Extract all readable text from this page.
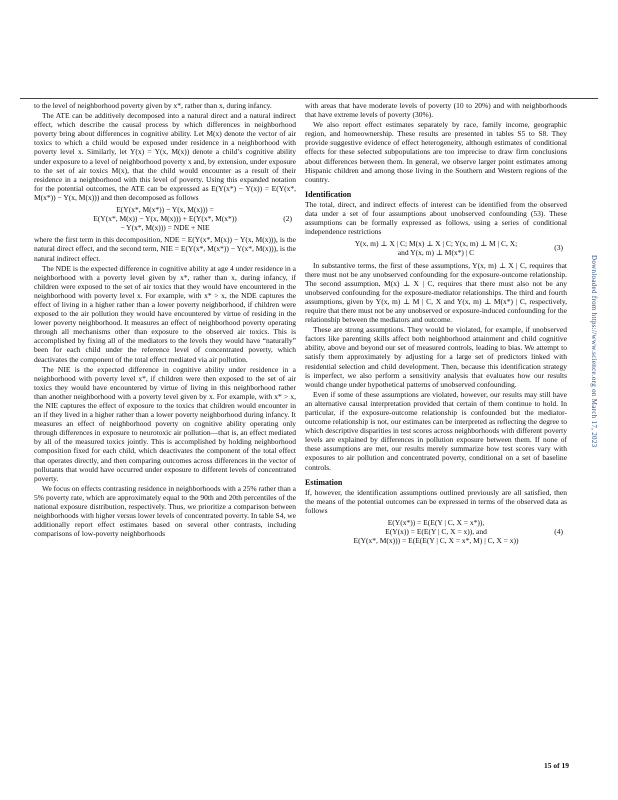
to the level of neighborhood poverty given by x*, rather than x, during infancy.

The ATE can be additively decomposed into a natural direct and a natural indirect effect, which describe the causal process by which differences in neighborhood poverty bring about differences in cognitive ability. Let M(x) denote the vector of air toxics to which a child would be exposed under residence in a neighborhood with poverty level x. Similarly, let Y(x) = Y(x, M(x)) denote a child’s cognitive ability under exposure to a level of neighborhood poverty x and, by extension, under exposure to the set of air toxics M(x), that the child would encounter as a result of their residence in a neighborhood with this level of poverty. Using this expanded notation for the potential outcomes, the ATE can be expressed as E(Y(x*) − Y(x)) = E(Y(x*, M(x*)) − Y(x, M(x))) and then decomposed as follows

E(Y(x*, M(x*)) − Y(x, M(x))) =
E(Y(x*, M(x)) − Y(x, M(x))) + E(Y(x*, M(x*))
− Y(x*, M(x))) = NDE + NIE
(2)

where the first term in this decomposition, NDE = E(Y(x*, M(x)) − Y(x, M(x))), is the natural direct effect, and the second term, NIE = E(Y(x*, M(x*)) − Y(x*, M(x))), is the natural indirect effect.

The NDE is the expected difference in cognitive ability at age 4 under residence in a neighborhood with a poverty level given by x*, rather than x, during infancy, if children were exposed to the set of air toxics that they would have encountered in the neighborhood with poverty level x. For example, with x* > x, the NDE captures the effect of living in a higher rather than a lower poverty neighborhood, if children were exposed to the air pollution they would have encountered by virtue of residing in the lower poverty neighborhood. It measures an effect of neighborhood poverty operating through all mechanisms other than exposure to the observed air toxics. This is accomplished by fixing all of the mediators to the levels they would have “naturally” been for each child under the reference level of concentrated poverty, which deactivates the component of the total effect mediated via air pollution.

The NIE is the expected difference in cognitive ability under residence in a neighborhood with poverty level x*, if children were then exposed to the set of air toxics they would have encountered by virtue of living in this neighborhood rather than another neighborhood with a poverty level given by x. For example, with x* > x, the NIE captures the effect of exposure to the toxics that children would encounter in an if they lived in a higher rather than a lower poverty neighborhood during infancy. It measures an effect of neighborhood poverty on cognitive ability operating only through differences in exposure to neurotoxic air pollution—that is, an effect mediated by all of the measured toxics jointly. This is accomplished by holding neighborhood composition fixed for each child, which deactivates the component of the total effect that operates directly, and then comparing outcomes across differences in the vector of pollutants that would have occurred under exposure to different levels of concentrated poverty.

We focus on effects contrasting residence in neighborhoods with a 25% rather than a 5% poverty rate, which are approximately equal to the 90th and 20th percentiles of the national exposure distribution, respectively. Thus, we prioritize a comparison between neighborhoods with higher versus lower levels of concentrated poverty. In table S4, we additionally report effect estimates based on several other contrasts, including comparisons of low-poverty neighborhoods

with areas that have moderate levels of poverty (10 to 20%) and with neighborhoods that have extreme levels of poverty (30%).

We also report effect estimates separately by race, family income, geographic region, and homeownership. These results are presented in tables S5 to S8. They provide suggestive evidence of effect heterogeneity, although estimates of conditional effects for these selected subpopulations are too imprecise to draw firm conclusions about differences between them. In general, we observe larger point estimates among Hispanic children and among those living in the Southern and Western regions of the country.

Identification

The total, direct, and indirect effects of interest can be identified from the observed data under a set of four assumptions about unobserved confounding (53). These assumptions can be formally expressed as follows, using a series of conditional independence restrictions

Y(x, m) ⊥ X | C; M(x) ⊥ X | C; Y(x, m) ⊥ M | C, X;
and Y(x, m) ⊥ M(x*) | C
(3)

In substantive terms, the first of these assumptions, Y(x, m) ⊥ X | C, requires that there must not be any unobserved confounding for the exposure-outcome relationship. The second assumption, M(x) ⊥ X | C, requires that there must also not be any unobserved confounding for the exposure-mediator relationships. The third and fourth assumptions, given by Y(x, m) ⊥ M | C, X and Y(x, m) ⊥ M(x*) | C, respectively, require that there must not be any unobserved or exposure-induced confounding for the relationship between the mediators and outcome.

These are strong assumptions. They would be violated, for example, if unobserved factors like parenting skills affect both neighborhood attainment and child cognitive ability, above and beyond our set of measured controls, leading to bias. We attempt to satisfy them approximately by adjusting for a large set of predictors linked with residential selection and child development. Then, because this identification strategy is imperfect, we also perform a sensitivity analysis that evaluates how our results would change under hypothetical patterns of unobserved confounding.

Even if some of these assumptions are violated, however, our results may still have an alternative causal interpretation provided that certain of them continue to hold. In particular, if the exposure-outcome relationship is confounded but the mediator-outcome relationship is not, our estimates can be interpreted as reflecting the degree to which descriptive disparities in test scores across neighborhoods with different poverty levels are explained by differences in pollution exposure between them. If none of these assumptions are met, our results merely summarize how test scores vary with exposures to air pollution and concentrated poverty, conditional on a set of baseline controls.

Estimation

If, however, the identification assumptions outlined previously are all satisfied, then the means of the potential outcomes can be expressed in terms of the observed data as follows

E(Y(x*)) = E(E(Y | C, X = x*)),
E(Y(x)) = E(E(Y | C, X = x)), and
E(Y(x*, M(x))) = E(E(E(Y | C, X = x*, M) | C, X = x))
(4)
Downloaded from https://www.science.org on March 17, 2023
15 of 19
